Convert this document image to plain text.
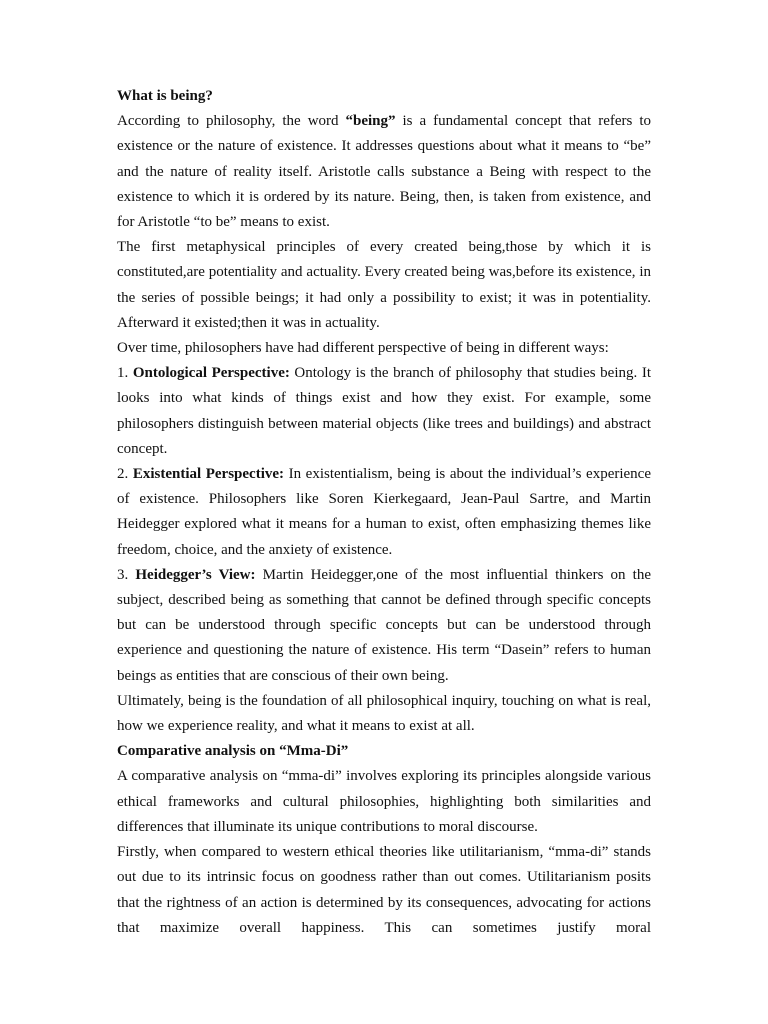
What is being?

According to philosophy, the word “being” is a fundamental concept that refers to existence or the nature of existence. It addresses questions about what it means to “be” and the nature of reality itself. Aristotle calls substance a Being with respect to the existence to which it is ordered by its nature. Being, then, is taken from existence, and for Aristotle “to be” means to exist.

The first metaphysical principles of every created being,those by which it is constituted,are potentiality and actuality. Every created being was,before its existence, in the series of possible beings; it had only a possibility to exist; it was in potentiality. Afterward it existed;then it was in actuality.

Over time, philosophers have had different perspective of being in different ways:

1. Ontological Perspective: Ontology is the branch of philosophy that studies being. It looks into what kinds of things exist and how they exist. For example, some philosophers distinguish between material objects (like trees and buildings) and abstract concept.

2. Existential Perspective: In existentialism, being is about the individual’s experience of existence. Philosophers like Soren Kierkegaard, Jean-Paul Sartre, and Martin Heidegger explored what it means for a human to exist, often emphasizing themes like freedom, choice, and the anxiety of existence.

3. Heidegger’s View: Martin Heidegger,one of the most influential thinkers on the subject, described being as something that cannot be defined through specific concepts but can be understood through specific concepts but can be understood through experience and questioning the nature of existence. His term “Dasein” refers to human beings as entities that are conscious of their own being.

Ultimately, being is the foundation of all philosophical inquiry, touching on what is real, how we experience reality, and what it means to exist at all.

Comparative analysis on “Mma-Di”

A comparative analysis on “mma-di” involves exploring its principles alongside various ethical frameworks and cultural philosophies, highlighting both similarities and differences that illuminate its unique contributions to moral discourse.

Firstly, when compared to western ethical theories like utilitarianism, “mma-di” stands out due to its intrinsic focus on goodness rather than out comes. Utilitarianism posits that the rightness of an action is determined by its consequences, advocating for actions that maximize overall happiness. This can sometimes justify moral
